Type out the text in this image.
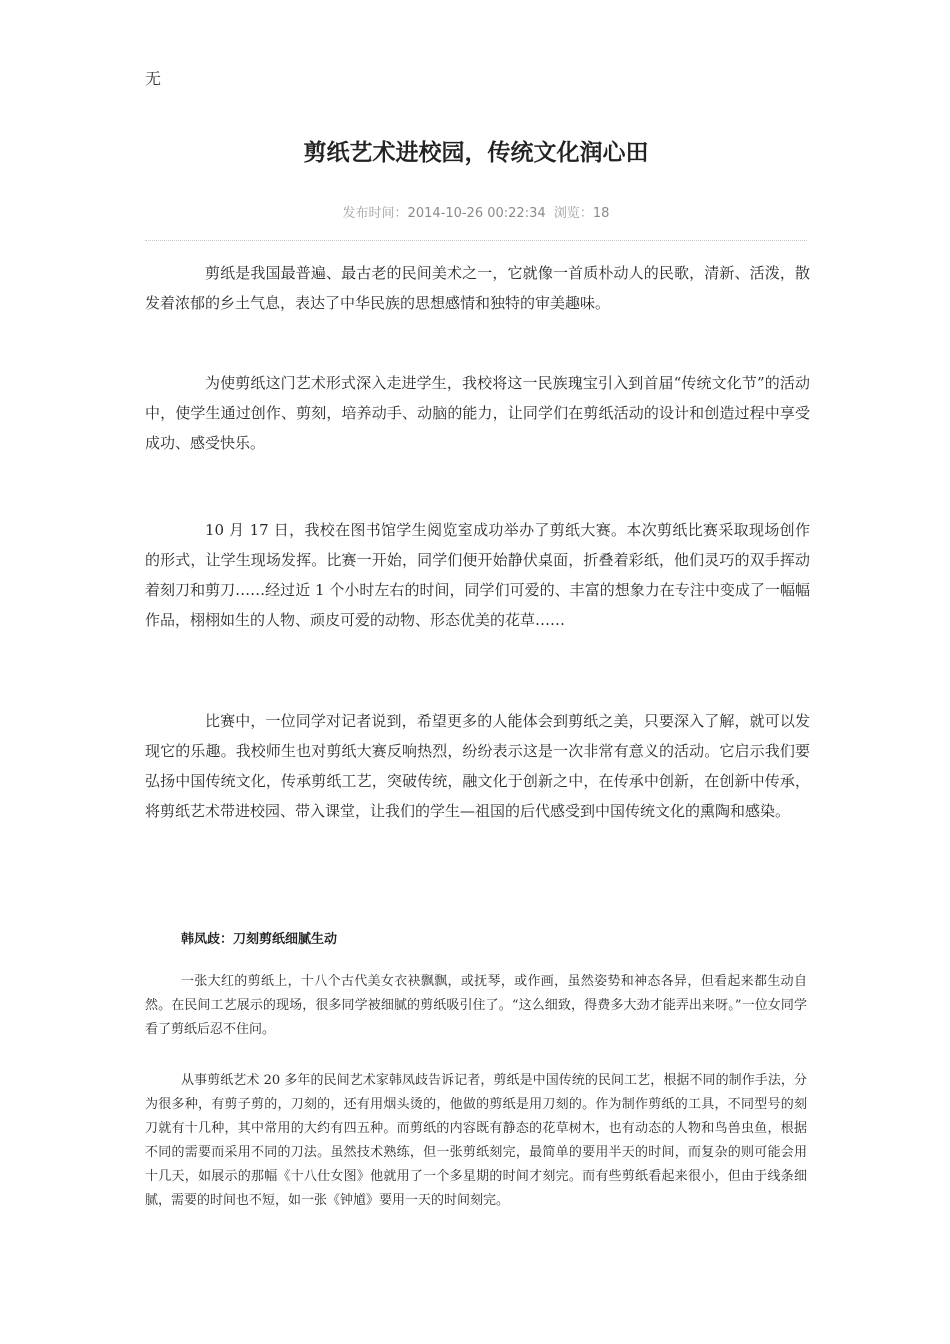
无
剪纸艺术进校园，传统文化润心田
发布时间：2014-10-26 00:22:34 浏览：18

剪纸是我国最普遍、最古老的民间美术之一，它就像一首质朴动人的民歌，清新、活泼，散发着浓郁的乡土气息，表达了中华民族的思想感情和独特的审美趣味。

为使剪纸这门艺术形式深入走进学生，我校将这一民族瑰宝引入到首届“传统文化节”的活动中，使学生通过创作、剪刻，培养动手、动脑的能力，让同学们在剪纸活动的设计和创造过程中享受成功、感受快乐。

10 月 17 日，我校在图书馆学生阅览室成功举办了剪纸大赛。本次剪纸比赛采取现场创作的形式，让学生现场发挥。比赛一开始，同学们便开始静伏桌面，折叠着彩纸，他们灵巧的双手挥动着刻刀和剪刀……经过近 1 个小时左右的时间，同学们可爱的、丰富的想象力在专注中变成了一幅幅作品，栩栩如生的人物、顽皮可爱的动物、形态优美的花草……

比赛中，一位同学对记者说到，希望更多的人能体会到剪纸之美，只要深入了解，就可以发现它的乐趣。我校师生也对剪纸大赛反响热烈，纷纷表示这是一次非常有意义的活动。它启示我们要弘扬中国传统文化，传承剪纸工艺，突破传统，融文化于创新之中，在传承中创新，在创新中传承，将剪纸艺术带进校园、带入课堂，让我们的学生—祖国的后代感受到中国传统文化的熏陶和感染。

韩凤歧：刀刻剪纸细腻生动

一张大红的剪纸上，十八个古代美女衣袂飘飘，或抚琴，或作画，虽然姿势和神态各异，但看起来都生动自然。在民间工艺展示的现场，很多同学被细腻的剪纸吸引住了。“这么细致，得费多大劲才能弄出来呀。”一位女同学看了剪纸后忍不住问。

从事剪纸艺术 20 多年的民间艺术家韩凤歧告诉记者，剪纸是中国传统的民间工艺，根据不同的制作手法，分为很多种，有剪子剪的，刀刻的，还有用烟头烫的，他做的剪纸是用刀刻的。作为制作剪纸的工具，不同型号的刻刀就有十几种，其中常用的大约有四五种。而剪纸的内容既有静态的花草树木，也有动态的人物和鸟兽虫鱼，根据不同的需要而采用不同的刀法。虽然技术熟练，但一张剪纸刻完，最简单的要用半天的时间，而复杂的则可能会用十几天，如展示的那幅《十八仕女图》他就用了一个多星期的时间才刻完。而有些剪纸看起来很小，但由于线条细腻，需要的时间也不短，如一张《钟馗》要用一天的时间刻完。
